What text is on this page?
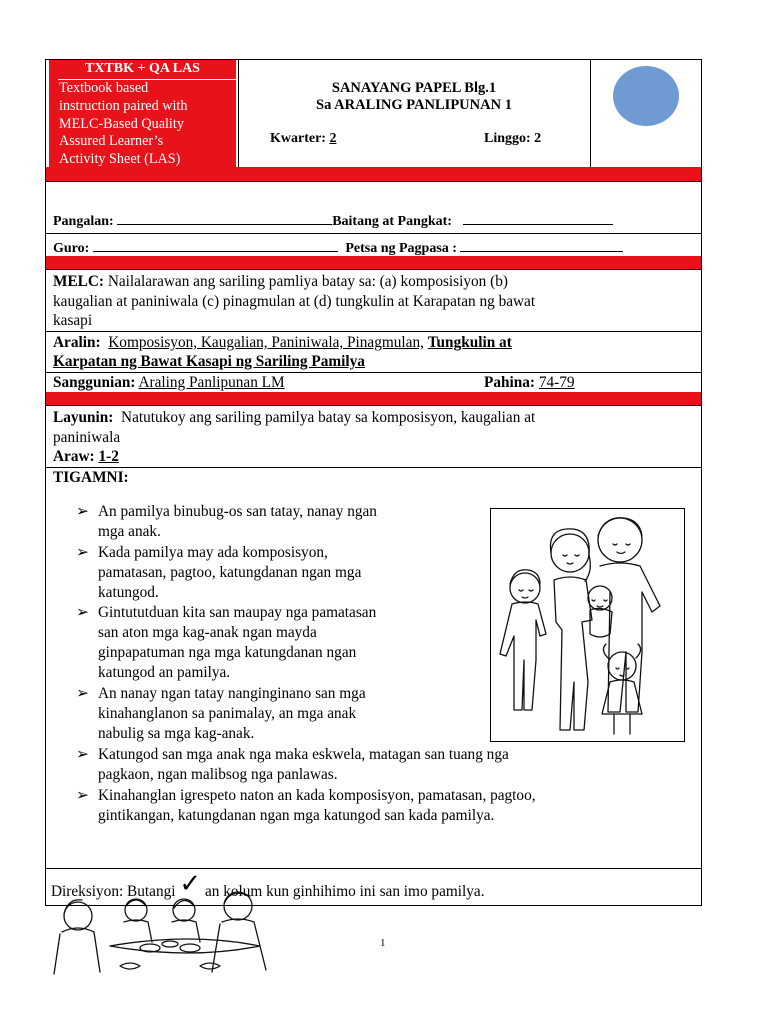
TXTBK + QA LAS
Textbook based
instruction paired with
MELC-Based Quality
Assured Learner’s
Activity Sheet (LAS)
SANAYANG PAPEL Blg.1
Sa ARALING PANLIPUNAN 1
Kwarter: 2	Linggo: 2
Pangalan:	Baitang at Pangkat:
Guro:	Petsa ng Pagpasa :
MELC: Nailalarawan ang sariling pamliya batay sa: (a) komposisiyon (b)
kaugalian at paniniwala (c) pinagmulan at (d) tungkulin at Karapatan ng bawat
kasapi
Aralin: Komposisyon, Kaugalian, Paniniwala, Pinagmulan, Tungkulin at
Karpatan ng Bawat Kasapi ng Sariling Pamilya
Sanggunian: Araling Panlipunan LM	Pahina: 74-79
Layunin: Natutukoy ang sariling pamilya batay sa komposisyon, kaugalian at
paniniwala
Araw: 1-2
TIGAMNI:
➢ An pamilya binubug-os san tatay, nanay ngan
mga anak.
➢ Kada pamilya may ada komposisyon,
pamatasan, pagtoo, katungdanan ngan mga
katungod.
➢ Gintututduan kita san maupay nga pamatasan
san aton mga kag-anak ngan mayda
ginpapatuman nga mga katungdanan ngan
katungod an pamilya.
➢ An nanay ngan tatay nanginginano san mga
kinahanglanon sa panimalay, an mga anak
nabulig sa mga kag-anak.
➢ Katungod san mga anak nga maka eskwela, matagan san tuang nga
pagkaon, ngan malibsog nga panlawas.
➢ Kinahanglan igrespeto naton an kada komposisyon, pamatasan, pagtoo,
gintikangan, katungdanan ngan mga katungod san kada pamilya.
Direksiyon: Butangi ✓ an kolum kun ginhihimo ini san imo pamilya.
1
